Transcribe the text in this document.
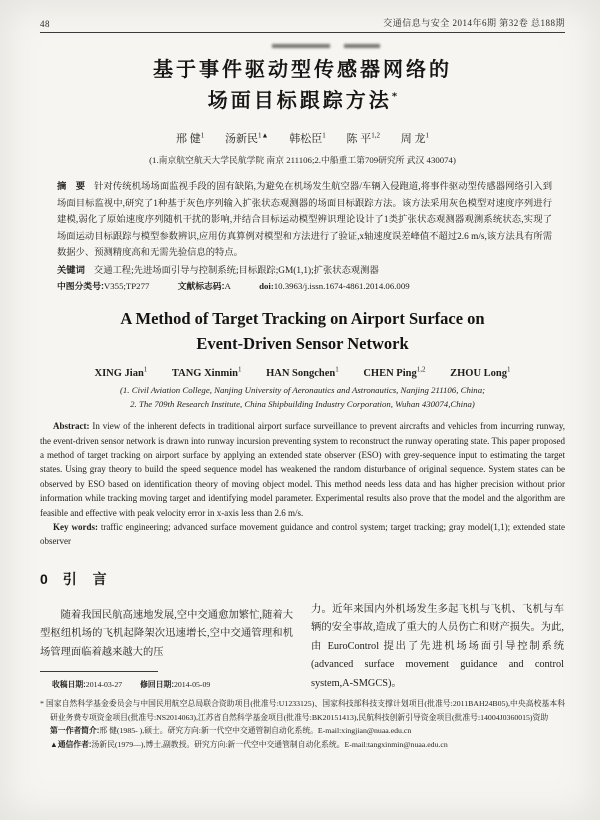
48	交通信息与安全 2014年6期 第32卷 总188期
基于事件驱动型传感器网络的
场面目标跟踪方法*
邢 健$^1$ 汤新民$^{1▲}$ 韩松臣$^1$ 陈 平$^{1,2}$ 周 龙$^1$
(1.南京航空航天大学民航学院 南京 211106;2.中船重工第709研究所 武汉 430074)

摘　要 针对传统机场场面监视手段的固有缺陷,为避免在机场发生航空器/车辆入侵跑道,将事件驱动型传感器网络引入到场面目标监视中,研究了1种基于灰色序列输入扩张状态观测器的场面目标跟踪方法。该方法采用灰色模型对速度序列进行建模,弱化了原始速度序列随机干扰的影响,并结合目标运动模型辨识理论设计了1类扩张状态观测器观测系统状态,实现了场面运动目标跟踪与模型参数辨识,应用仿真算例对模型和方法进行了验证,x轴速度误差峰值不超过2.6 m/s,该方法具有所需数据少、预测精度高和无需先验信息的特点。

关键词 交通工程;先进场面引导与控制系统;目标跟踪;GM(1,1);扩张状态观测器

中图分类号:V355;TP277	文献标志码:A	doi:10.3963/j.issn.1674-4861.2014.06.009

A Method of Target Tracking on Airport Surface on
Event-Driven Sensor Network
XING Jian$^1$ TANG Xinmin$^1$ HAN Songchen$^1$ CHEN Ping$^{1,2}$ ZHOU Long$^1$
(1. Civil Aviation College, Nanjing University of Aeronautics and Astronautics, Nanjing 211106, China;
2. The 709th Research Institute, China Shipbuilding Industry Corporation, Wuhan 430074,China)

Abstract: In view of the inherent defects in traditional airport surface surveillance to prevent aircrafts and vehicles from incurring runway, the event-driven sensor network is drawn into runway incursion preventing system to reconstruct the runway operating state. This paper proposed a method of target tracking on airport surface by applying an extended state observer (ESO) with grey-sequence input to estimating the target states. Using gray theory to build the speed sequence model has weakened the random disturbance of original sequence. System states can be observed by ESO based on identification theory of moving object model. This method needs less data and has higher precision without prior information while tracking moving target and identifying model parameter. Experimental results also prove that the model and the algorithm are feasible and effective with peak velocity error in x-axis less than 2.6 m/s.

Key words: traffic engineering; advanced surface movement guidance and control system; target tracking; gray model(1,1); extended state observer

0 引 言

随着我国民航高速地发展,空中交通愈加繁忙,随着大型枢纽机场的飞机起降架次迅速增长,空中交通管理和机场管理面临着越来越大的压

收稿日期:2014-03-27 修回日期:2014-05-09

力。近年来国内外机场发生多起飞机与飞机、飞机与车辆的安全事故,造成了重大的人员伤亡和财产损失。为此,由 EuroControl 提出了先进机场场面引导控制系统(advanced surface movement guidance and control system,A-SMGCS)。

* 国家自然科学基金委员会与中国民用航空总局联合资助项目(批准号:U1233125)、国家科技部科技支撑计划项目(批准号:2011BAH24B05),中央高校基本科研业务费专项资金项目(批准号:NS2014063),江苏省自然科学基金项目(批准号:BK20151413),民航科技创新引导资金项目(批准号:14004J0360015)资助

第一作者简介:邢 健(1985- ),硕士。研究方向:新一代空中交通管制自动化系统。E-mail:xingjian@nuaa.edu.cn

▲通信作者:汤新民(1979—),博士,副教授。研究方向:新一代空中交通管制自动化系统。E-mail:tangxinmin@nuaa.edu.cn
